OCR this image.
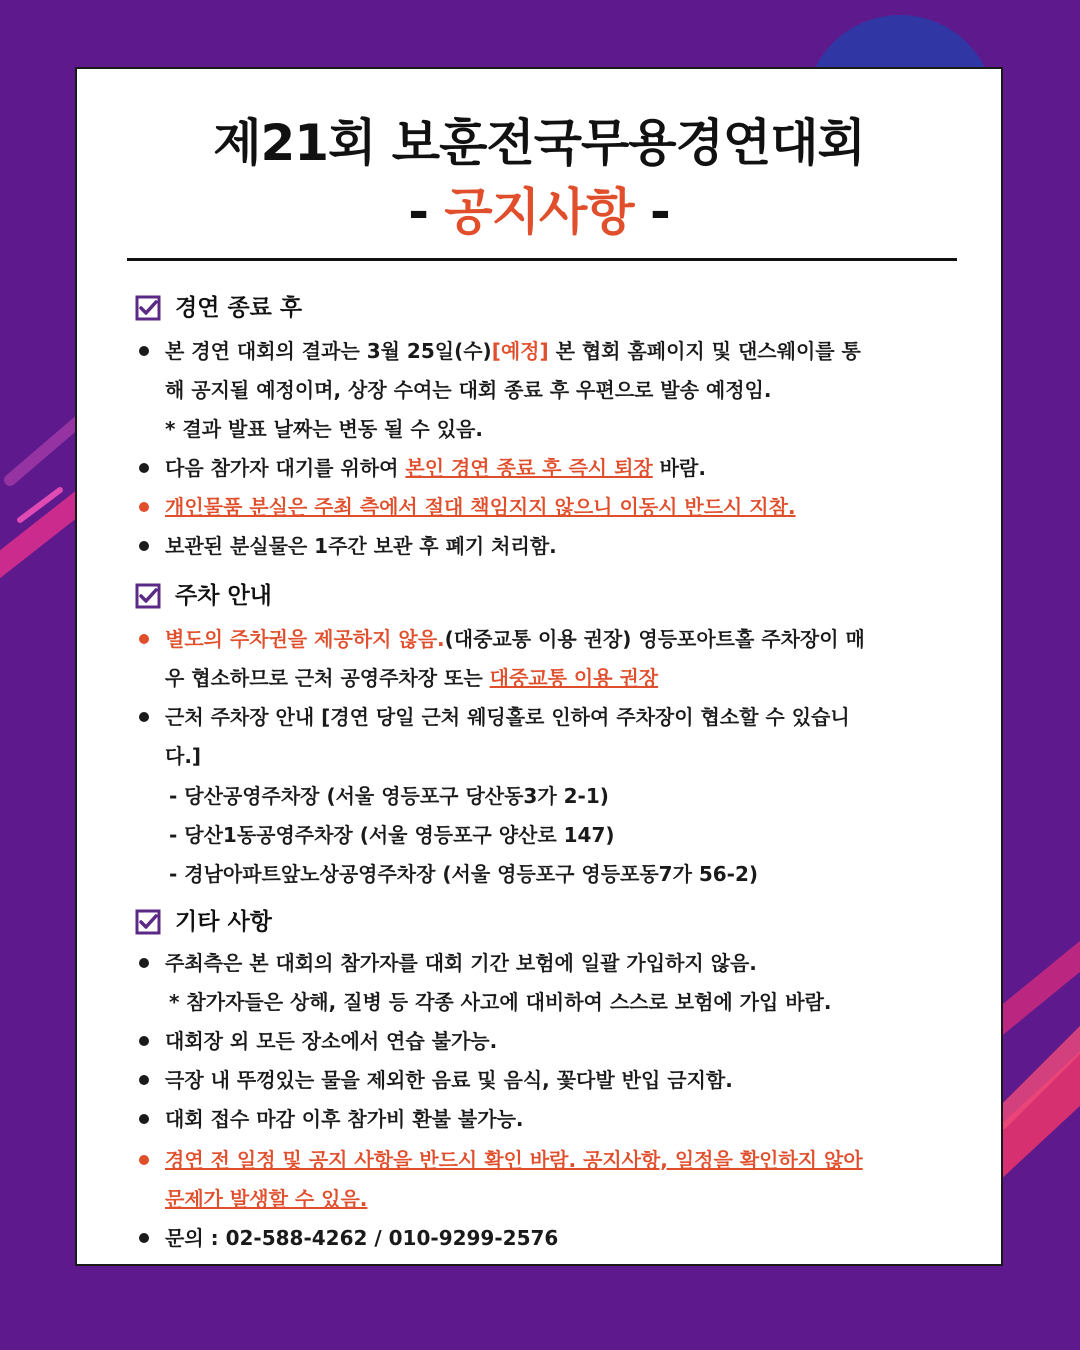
제21회 보훈전국무용경연대회
- 공지사항 -
경연 종료 후
본 경연 대회의 결과는 3월 25일(수)[예정] 본 협회 홈페이지 및 댄스웨이를 통
해 공지될 예정이며, 상장 수여는 대회 종료 후 우편으로 발송 예정임.
* 결과 발표 날짜는 변동 될 수 있음.
다음 참가자 대기를 위하여 본인 경연 종료 후 즉시 퇴장 바람.
개인물품 분실은 주최 측에서 절대 책임지지 않으니 이동시 반드시 지참.
보관된 분실물은 1주간 보관 후 폐기 처리함.
주차 안내
별도의 주차권을 제공하지 않음.(대중교통 이용 권장) 영등포아트홀 주차장이 매
우 협소하므로 근처 공영주차장 또는 대중교통 이용 권장
근처 주차장 안내 [경연 당일 근처 웨딩홀로 인하여 주차장이 협소할 수 있습니
다.]
- 당산공영주차장 (서울 영등포구 당산동3가 2-1)
- 당산1동공영주차장 (서울 영등포구 양산로 147)
- 경남아파트앞노상공영주차장 (서울 영등포구 영등포동7가 56-2)
기타 사항
주최측은 본 대회의 참가자를 대회 기간 보험에 일괄 가입하지 않음.
* 참가자들은 상해, 질병 등 각종 사고에 대비하여 스스로 보험에 가입 바람.
대회장 외 모든 장소에서 연습 불가능.
극장 내 뚜껑있는 물을 제외한 음료 및 음식, 꽃다발 반입 금지함.
대회 접수 마감 이후 참가비 환불 불가능.
경연 전 일정 및 공지 사항을 반드시 확인 바람. 공지사항, 일정을 확인하지 않아
문제가 발생할 수 있음.
문의 : 02-588-4262 / 010-9299-2576
